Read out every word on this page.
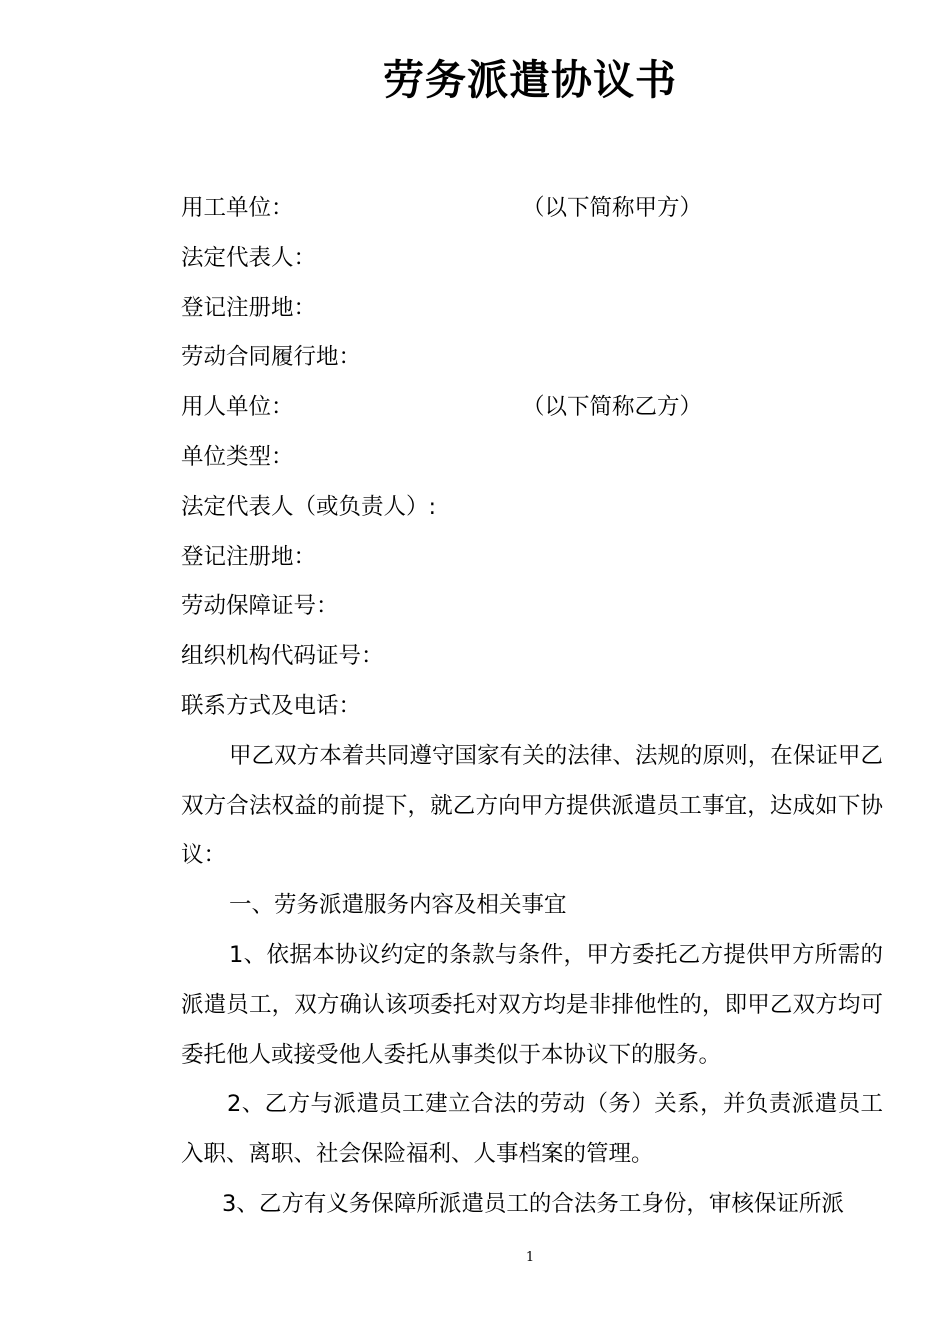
劳务派遣协议书
用工单位：	（以下简称甲方）
法定代表人：
登记注册地：
劳动合同履行地：
用人单位：	（以下简称乙方）
单位类型：
法定代表人（或负责人）:
登记注册地：
劳动保障证号：
组织机构代码证号：
联系方式及电话：

甲乙双方本着共同遵守国家有关的法律、法规的原则，在保证甲乙双方合法权益的前提下，就乙方向甲方提供派遣员工事宜，达成如下协议：

一、劳务派遣服务内容及相关事宜

1、依据本协议约定的条款与条件，甲方委托乙方提供甲方所需的派遣员工，双方确认该项委托对双方均是非排他性的，即甲乙双方均可委托他人或接受他人委托从事类似于本协议下的服务。

2、乙方与派遣员工建立合法的劳动（务）关系，并负责派遣员工入职、离职、社会保险福利、人事档案的管理。

3、乙方有义务保障所派遣员工的合法务工身份，审核保证所派

1
